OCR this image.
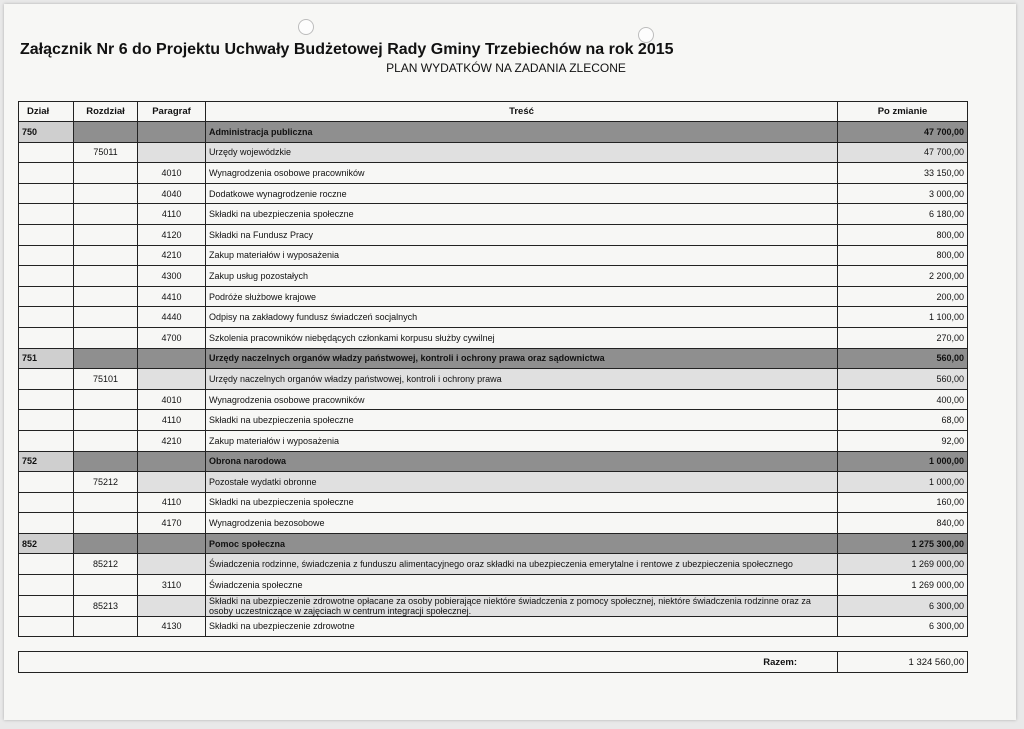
Załącznik Nr 6 do Projektu Uchwały Budżetowej Rady Gminy Trzebiechów na rok 2015
PLAN WYDATKÓW NA ZADANIA ZLECONE
Dział	Rozdział	Paragraf	Treść	Po zmianie
750			Administracja publiczna	47 700,00
	75011		Urzędy wojewódzkie	47 700,00
		4010	Wynagrodzenia osobowe pracowników	33 150,00
		4040	Dodatkowe wynagrodzenie roczne	3 000,00
		4110	Składki na ubezpieczenia społeczne	6 180,00
		4120	Składki na Fundusz Pracy	800,00
		4210	Zakup materiałów i wyposażenia	800,00
		4300	Zakup usług pozostałych	2 200,00
		4410	Podróże służbowe krajowe	200,00
		4440	Odpisy na zakładowy fundusz świadczeń socjalnych	1 100,00
		4700	Szkolenia pracowników niebędących członkami korpusu służby cywilnej	270,00
751			Urzędy naczelnych organów władzy państwowej, kontroli i ochrony prawa oraz sądownictwa	560,00
	75101		Urzędy naczelnych organów władzy państwowej, kontroli i ochrony prawa	560,00
		4010	Wynagrodzenia osobowe pracowników	400,00
		4110	Składki na ubezpieczenia społeczne	68,00
		4210	Zakup materiałów i wyposażenia	92,00
752			Obrona narodowa	1 000,00
	75212		Pozostałe wydatki obronne	1 000,00
		4110	Składki na ubezpieczenia społeczne	160,00
		4170	Wynagrodzenia bezosobowe	840,00
852			Pomoc społeczna	1 275 300,00
	85212		Świadczenia rodzinne, świadczenia z funduszu alimentacyjnego oraz składki na ubezpieczenia emerytalne i rentowe z ubezpieczenia społecznego	1 269 000,00
		3110	Świadczenia społeczne	1 269 000,00
	85213		Składki na ubezpieczenie zdrowotne opłacane za osoby pobierające niektóre świadczenia z pomocy społecznej, niektóre świadczenia rodzinne oraz za osoby uczestniczące w zajęciach w centrum integracji społecznej.	6 300,00
		4130	Składki na ubezpieczenie zdrowotne	6 300,00
Razem:	1 324 560,00
